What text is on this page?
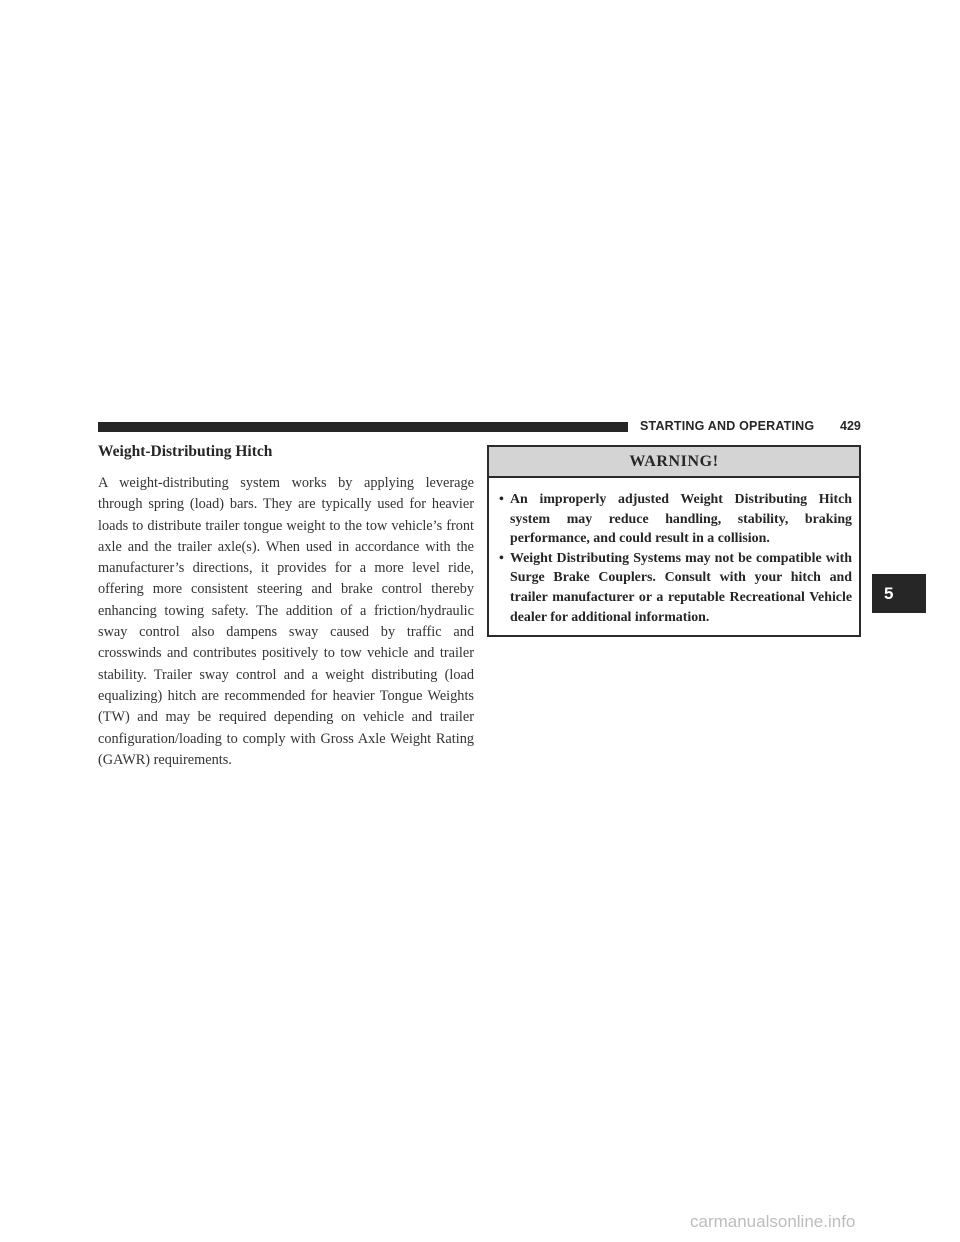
STARTING AND OPERATING 429
Weight-Distributing Hitch

A weight-distributing system works by applying leverage through spring (load) bars. They are typically used for heavier loads to distribute trailer tongue weight to the tow vehicle’s front axle and the trailer axle(s). When used in accordance with the manufacturer’s directions, it provides for a more level ride, offering more consistent steering and brake control thereby enhancing towing safety. The addition of a friction/hydraulic sway control also dampens sway caused by traffic and crosswinds and contributes positively to tow vehicle and trailer stability. Trailer sway control and a weight distributing (load equalizing) hitch are recommended for heavier Tongue Weights (TW) and may be required depending on vehicle and trailer configuration/loading to comply with Gross Axle Weight Rating (GAWR) requirements.

WARNING!
• An improperly adjusted Weight Distributing Hitch system may reduce handling, stability, braking performance, and could result in a collision.
• Weight Distributing Systems may not be compatible with Surge Brake Couplers. Consult with your hitch and trailer manufacturer or a reputable Recreational Vehicle dealer for additional information.
5
carmanualsonline.info
